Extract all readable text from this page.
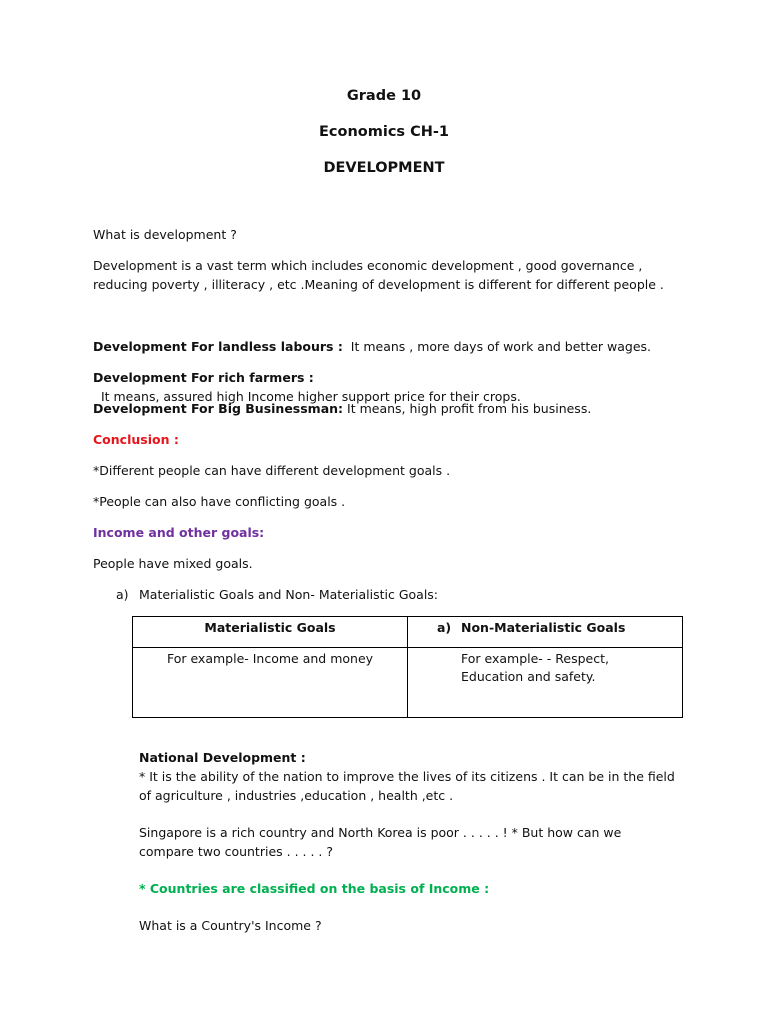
Grade 10
Economics CH-1
DEVELOPMENT
What is development ?
Development is a vast term which includes economic development , good governance , reducing poverty , illiteracy , etc .Meaning of development is different for different people .
Development For landless labours :  It means , more days of work and better wages.
Development For rich farmers :  It means, assured high Income higher support price for their crops.
Development For Big Businessman: It means, high profit from his business.
Conclusion :
*Different people can have different development goals .
*People can also have conflicting goals .
Income and other goals:
People have mixed goals.
a) Materialistic Goals and Non- Materialistic Goals:
Materialistic Goals	a) Non-Materialistic Goals
For example- Income and money	For example- - Respect, Education and safety.
National Development :
* It is the ability of the nation to improve the lives of its citizens . It can be in the field of agriculture , industries ,education , health ,etc .
Singapore is a rich country and North Korea is poor . . . . . ! * But how can we compare two countries . . . . . ?
* Countries are classified on the basis of Income :
What is a Country's Income ?
